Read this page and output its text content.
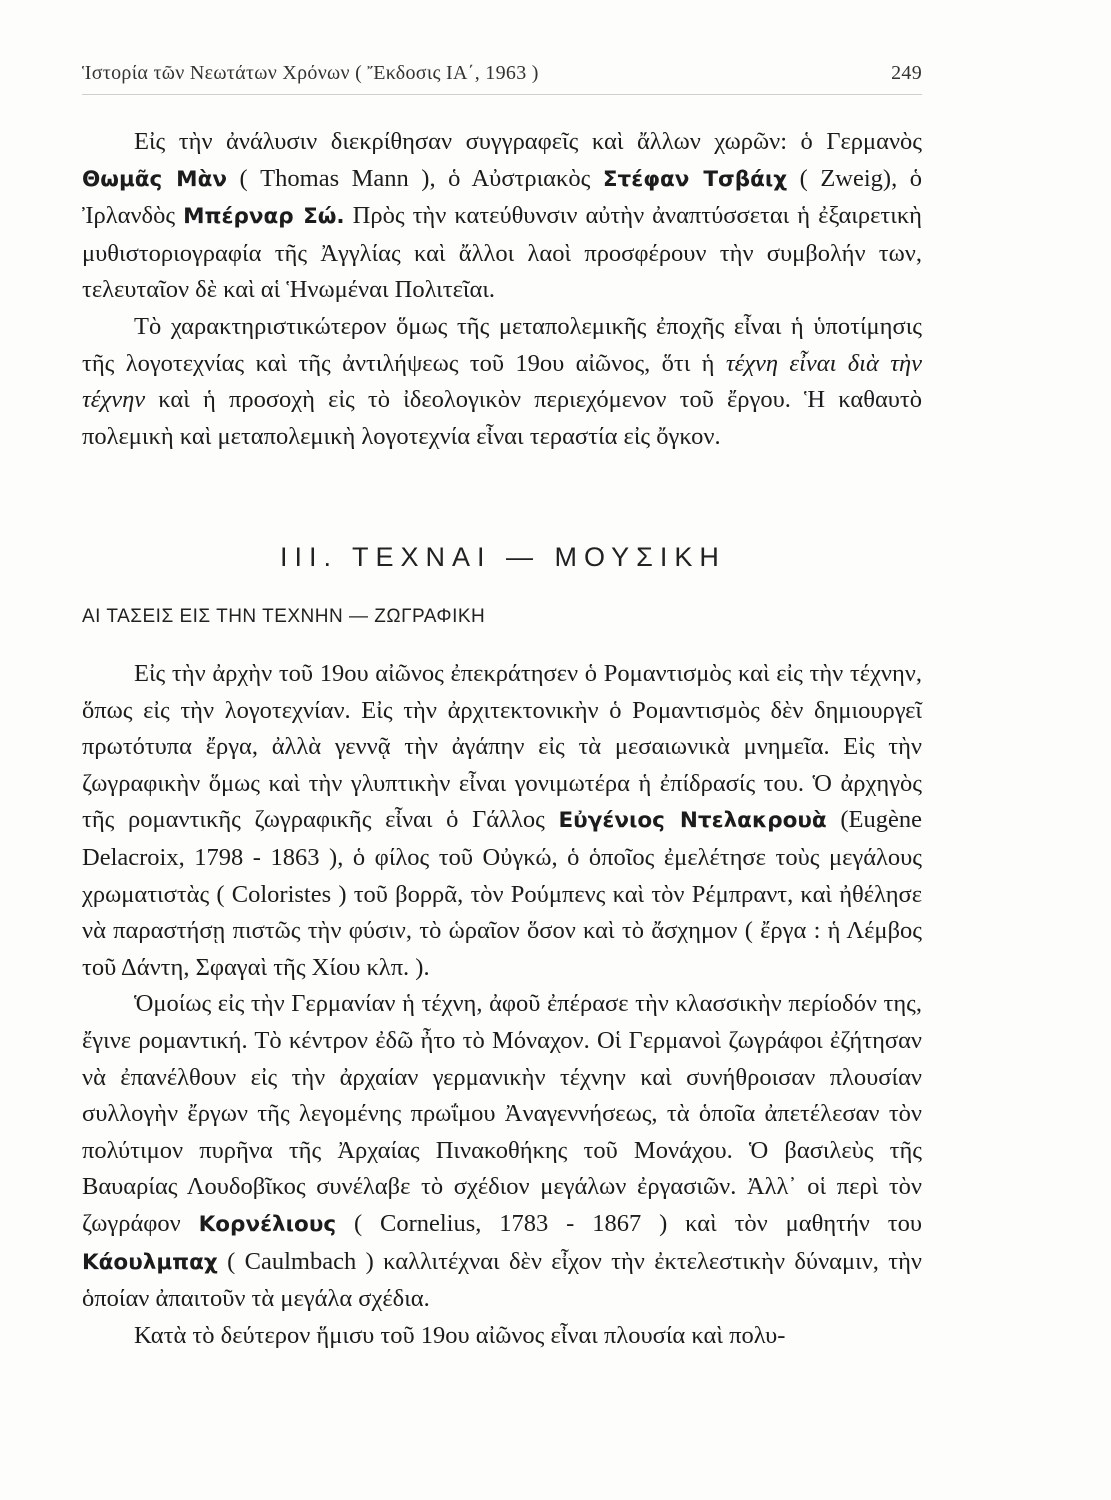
Ἱστορία τῶν Νεωτάτων Χρόνων ( Ἔκδοσις ΙΑ΄, 1963 )	249

Εἰς τὴν ἀνάλυσιν διεκρίθησαν συγγραφεῖς καὶ ἄλλων χωρῶν: ὁ Γερμανὸς Θωμᾶς Μὰν ( Thomas Mann ), ὁ Αὐστριακὸς Στέφαν Τσβάιχ ( Zweig), ὁ Ἰρλανδὸς Μπέρναρ Σώ. Πρὸς τὴν κατεύθυνσιν αὐτὴν ἀναπτύσσεται ἡ ἐξαιρετικὴ μυθιστοριογραφία τῆς Ἀγγλίας καὶ ἄλλοι λαοὶ προσφέρουν τὴν συμβολήν των, τελευταῖον δὲ καὶ αἱ Ἡνωμέναι Πολιτεῖαι.

Τὸ χαρακτηριστικώτερον ὅμως τῆς μεταπολεμικῆς ἐποχῆς εἶναι ἡ ὑποτίμησις τῆς λογοτεχνίας καὶ τῆς ἀντιλήψεως τοῦ 19ου αἰῶνος, ὅτι ἡ τέχνη εἶναι διὰ τὴν τέχνην καὶ ἡ προσοχὴ εἰς τὸ ἰδεολογικὸν περιεχόμενον τοῦ ἔργου. Ἡ καθαυτὸ πολεμικὴ καὶ μεταπολεμικὴ λογοτεχνία εἶναι τεραστία εἰς ὄγκον.

ΙΙΙ. ΤΕΧΝΑΙ — ΜΟΥΣΙΚΗ
ΑΙ ΤΑΣΕΙΣ ΕΙΣ ΤΗΝ ΤΕΧΝΗΝ — ΖΩΓΡΑΦΙΚΗ

Εἰς τὴν ἀρχὴν τοῦ 19ου αἰῶνος ἐπεκράτησεν ὁ Ρομαντισμὸς καὶ εἰς τὴν τέχνην, ὅπως εἰς τὴν λογοτεχνίαν. Εἰς τὴν ἀρχιτεκτονικὴν ὁ Ρομαντισμὸς δὲν δημιουργεῖ πρωτότυπα ἔργα, ἀλλὰ γεννᾷ τὴν ἀγάπην εἰς τὰ μεσαιωνικὰ μνημεῖα. Εἰς τὴν ζωγραφικὴν ὅμως καὶ τὴν γλυπτικὴν εἶναι γονιμωτέρα ἡ ἐπίδρασίς του. Ὁ ἀρχηγὸς τῆς ρομαντικῆς ζωγραφικῆς εἶναι ὁ Γάλλος Εὐγένιος Ντελακρουὰ (Eugène Delacroix, 1798 - 1863 ), ὁ φίλος τοῦ Οὐγκώ, ὁ ὁποῖος ἐμελέτησε τοὺς μεγάλους χρωματιστὰς ( Coloristes ) τοῦ βορρᾶ, τὸν Ρούμπενς καὶ τὸν Ρέμπραντ, καὶ ἠθέλησε νὰ παραστήσῃ πιστῶς τὴν φύσιν, τὸ ὡραῖον ὅσον καὶ τὸ ἄσχημον ( ἔργα : ἡ Λέμβος τοῦ Δάντη, Σφαγαὶ τῆς Χίου κλπ. ).

Ὁμοίως εἰς τὴν Γερμανίαν ἡ τέχνη, ἀφοῦ ἐπέρασε τὴν κλασσικὴν περίοδόν της, ἔγινε ρομαντική. Τὸ κέντρον ἐδῶ ἦτο τὸ Μόναχον. Οἱ Γερμανοὶ ζωγράφοι ἐζήτησαν νὰ ἐπανέλθουν εἰς τὴν ἀρχαίαν γερμανικὴν τέχνην καὶ συνήθροισαν πλουσίαν συλλογὴν ἔργων τῆς λεγομένης πρωΐμου Ἀναγεννήσεως, τὰ ὁποῖα ἀπετέλεσαν τὸν πολύτιμον πυρῆνα τῆς Ἀρχαίας Πινακοθήκης τοῦ Μονάχου. Ὁ βασιλεὺς τῆς Βαυαρίας Λουδοβῖκος συνέλαβε τὸ σχέδιον μεγάλων ἐργασιῶν. Ἀλλ᾽ οἱ περὶ τὸν ζωγράφον Κορνέλιους ( Cornelius, 1783 - 1867 ) καὶ τὸν μαθητήν του Κάουλμπαχ ( Caulmbach ) καλλιτέχναι δὲν εἶχον τὴν ἐκτελεστικὴν δύναμιν, τὴν ὁποίαν ἀπαιτοῦν τὰ μεγάλα σχέδια.

Κατὰ τὸ δεύτερον ἥμισυ τοῦ 19ου αἰῶνος εἶναι πλουσία καὶ πολυ-
